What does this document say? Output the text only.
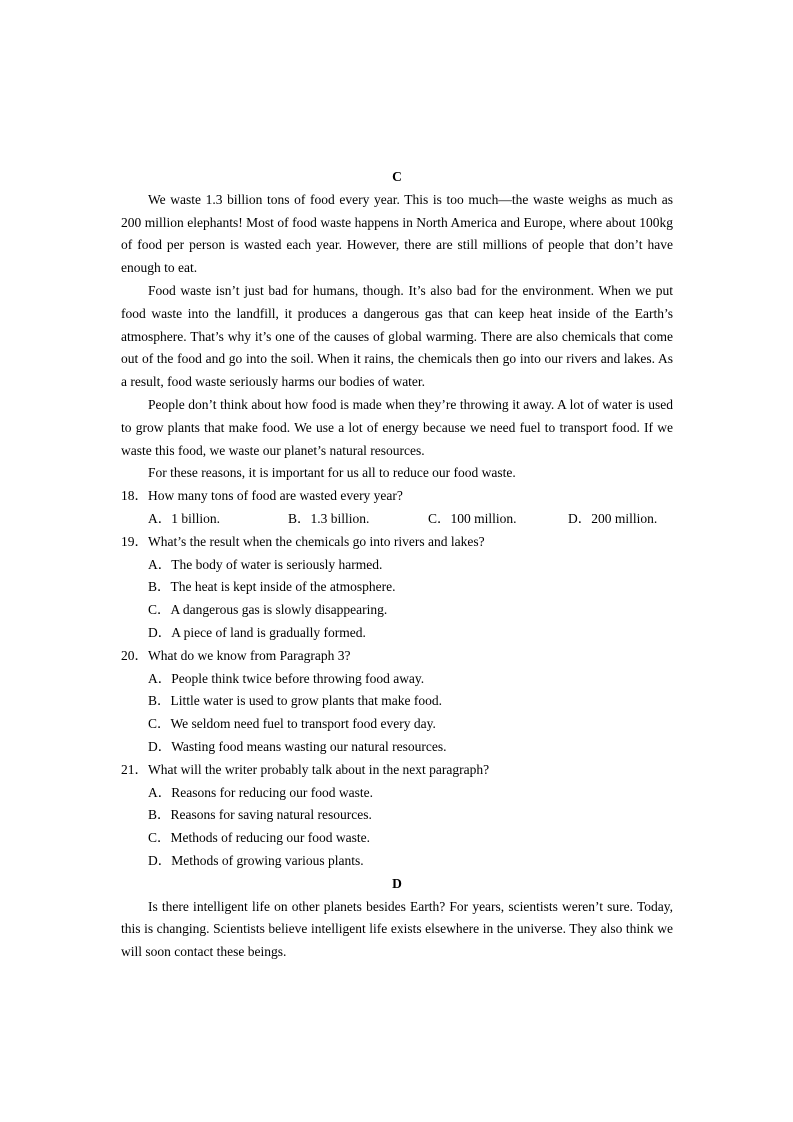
C

We waste 1.3 billion tons of food every year. This is too much—the waste weighs as much as 200 million elephants! Most of food waste happens in North America and Europe, where about 100kg of food per person is wasted each year. However, there are still millions of people that don’t have enough to eat.

Food waste isn’t just bad for humans, though. It’s also bad for the environment. When we put food waste into the landfill, it produces a dangerous gas that can keep heat inside of the Earth’s atmosphere. That’s why it’s one of the causes of global warming. There are also chemicals that come out of the food and go into the soil. When it rains, the chemicals then go into our rivers and lakes. As a result, food waste seriously harms our bodies of water.

People don’t think about how food is made when they’re throwing it away. A lot of water is used to grow plants that make food. We use a lot of energy because we need fuel to transport food. If we waste this food, we waste our planet’s natural resources.

For these reasons, it is important for us all to reduce our food waste.

18．How many tons of food are wasted every year?
A．1 billion.	B．1.3 billion.	C．100 million.	D．200 million.
19．What’s the result when the chemicals go into rivers and lakes?
A．The body of water is seriously harmed.
B．The heat is kept inside of the atmosphere.
C．A dangerous gas is slowly disappearing.
D．A piece of land is gradually formed.
20．What do we know from Paragraph 3?
A．People think twice before throwing food away.
B．Little water is used to grow plants that make food.
C．We seldom need fuel to transport food every day.
D．Wasting food means wasting our natural resources.
21．What will the writer probably talk about in the next paragraph?
A．Reasons for reducing our food waste.
B．Reasons for saving natural resources.
C．Methods of reducing our food waste.
D．Methods of growing various plants.
D

Is there intelligent life on other planets besides Earth? For years, scientists weren’t sure. Today, this is changing. Scientists believe intelligent life exists elsewhere in the universe. They also think we will soon contact these beings.
